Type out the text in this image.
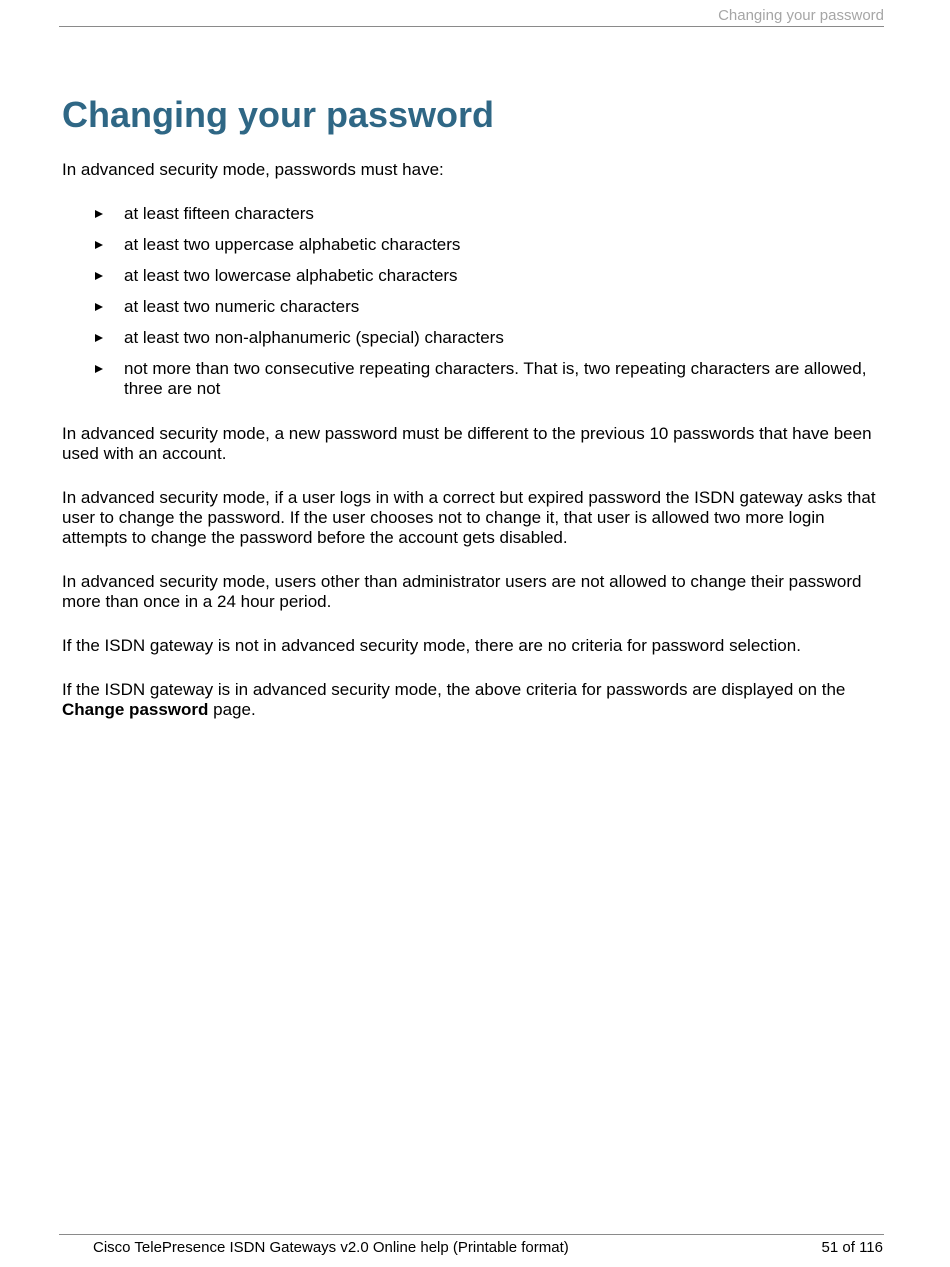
Changing your password
Changing your password

In advanced security mode, passwords must have:

at least fifteen characters
at least two uppercase alphabetic characters
at least two lowercase alphabetic characters
at least two numeric characters
at least two non-alphanumeric (special) characters
not more than two consecutive repeating characters. That is, two repeating characters are allowed, three are not

In advanced security mode, a new password must be different to the previous 10 passwords that have been used with an account.

In advanced security mode, if a user logs in with a correct but expired password the ISDN gateway asks that user to change the password. If the user chooses not to change it, that user is allowed two more login attempts to change the password before the account gets disabled.

In advanced security mode, users other than administrator users are not allowed to change their password more than once in a 24 hour period.

If the ISDN gateway is not in advanced security mode, there are no criteria for password selection.

If the ISDN gateway is in advanced security mode, the above criteria for passwords are displayed on the Change password page.

Cisco TelePresence ISDN Gateways v2.0 Online help (Printable format)	51 of 116
